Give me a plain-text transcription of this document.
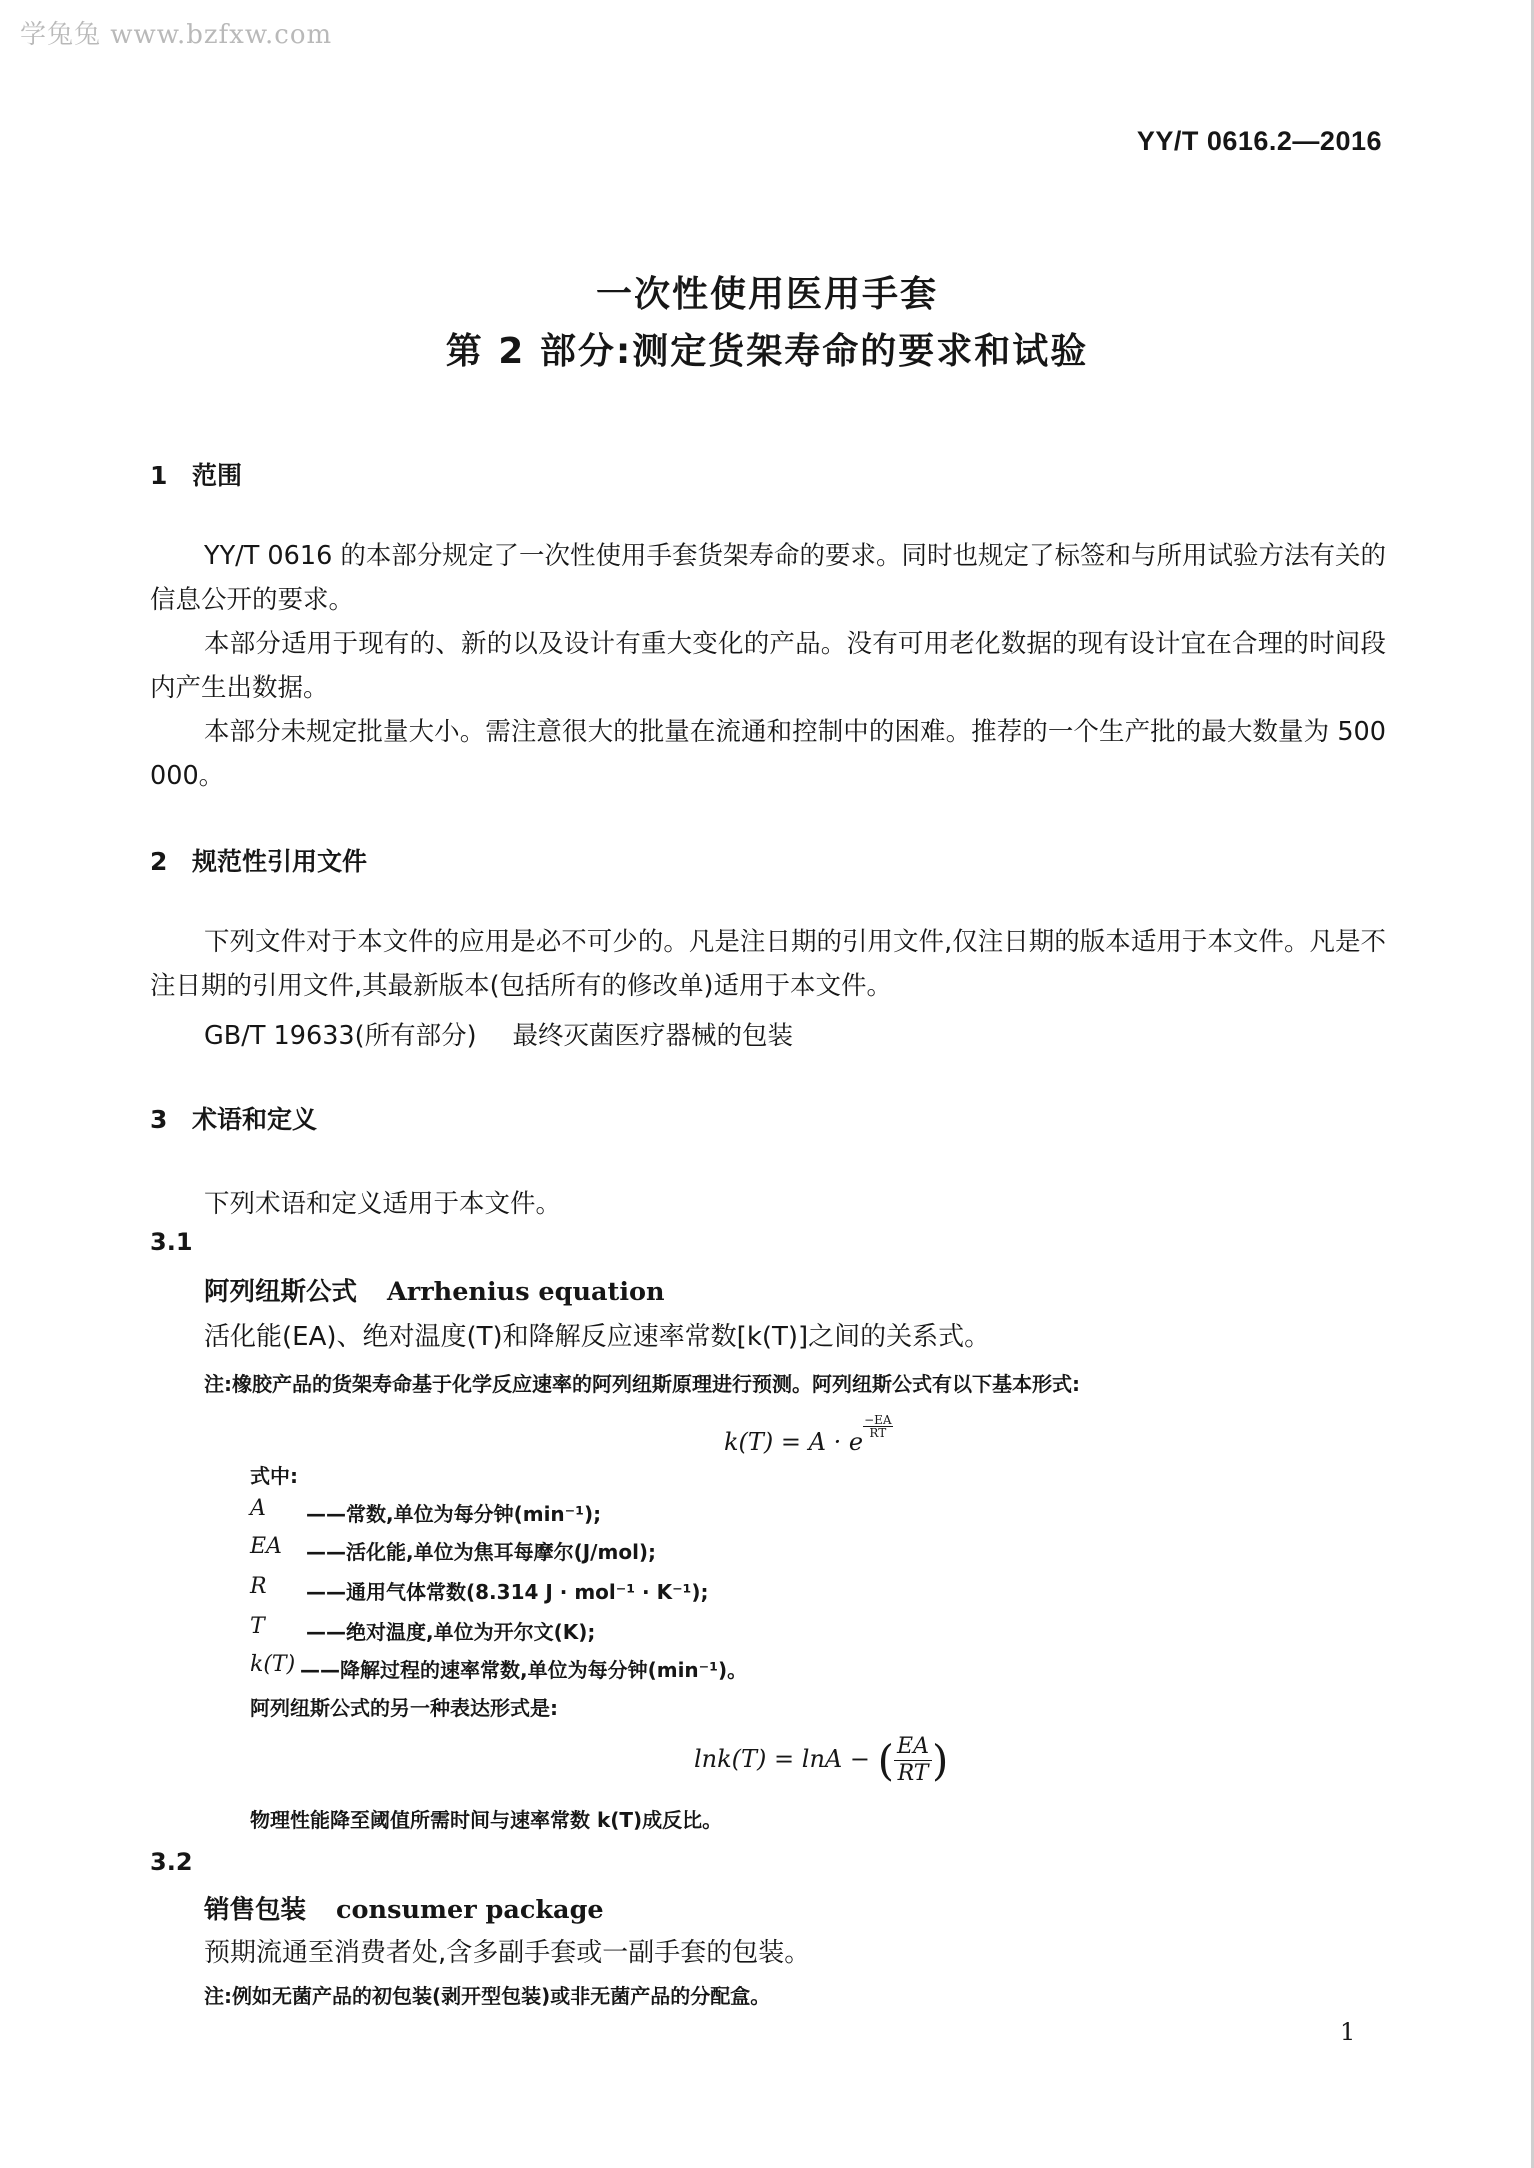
学兔兔 www.bzfxw.com
YY/T 0616.2—2016
一次性使用医用手套
第 2 部分:测定货架寿命的要求和试验
1 范围

YY/T 0616 的本部分规定了一次性使用手套货架寿命的要求。同时也规定了标签和与所用试验方法有关的信息公开的要求。

本部分适用于现有的、新的以及设计有重大变化的产品。没有可用老化数据的现有设计宜在合理的时间段内产生出数据。

本部分未规定批量大小。需注意很大的批量在流通和控制中的困难。推荐的一个生产批的最大数量为 500 000。

2 规范性引用文件

下列文件对于本文件的应用是必不可少的。凡是注日期的引用文件,仅注日期的版本适用于本文件。凡是不注日期的引用文件,其最新版本(包括所有的修改单)适用于本文件。

GB/T 19633(所有部分) 最终灭菌医疗器械的包装
3 术语和定义
下列术语和定义适用于本文件。
3.1
阿列纽斯公式 Arrhenius equation
活化能(EA)、绝对温度(T)和降解反应速率常数[k(T)]之间的关系式。
注:橡胶产品的货架寿命基于化学反应速率的阿列纽斯原理进行预测。阿列纽斯公式有以下基本形式:
k(T) = A · e
$\frac{-EA}{RT}$
式中:
A ——常数,单位为每分钟(min⁻¹);
EA ——活化能,单位为焦耳每摩尔(J/mol);
R ——通用气体常数(8.314 J · mol⁻¹ · K⁻¹);
T ——绝对温度,单位为开尔文(K);
k(T) ——降解过程的速率常数,单位为每分钟(min⁻¹)。
阿列纽斯公式的另一种表达形式是:
lnk(T) = lnA − ( $\frac{EA}{RT}$)
物理性能降至阈值所需时间与速率常数 k(T)成反比。
3.2
销售包装 consumer package
预期流通至消费者处,含多副手套或一副手套的包装。
注:例如无菌产品的初包装(剥开型包装)或非无菌产品的分配盒。
1
